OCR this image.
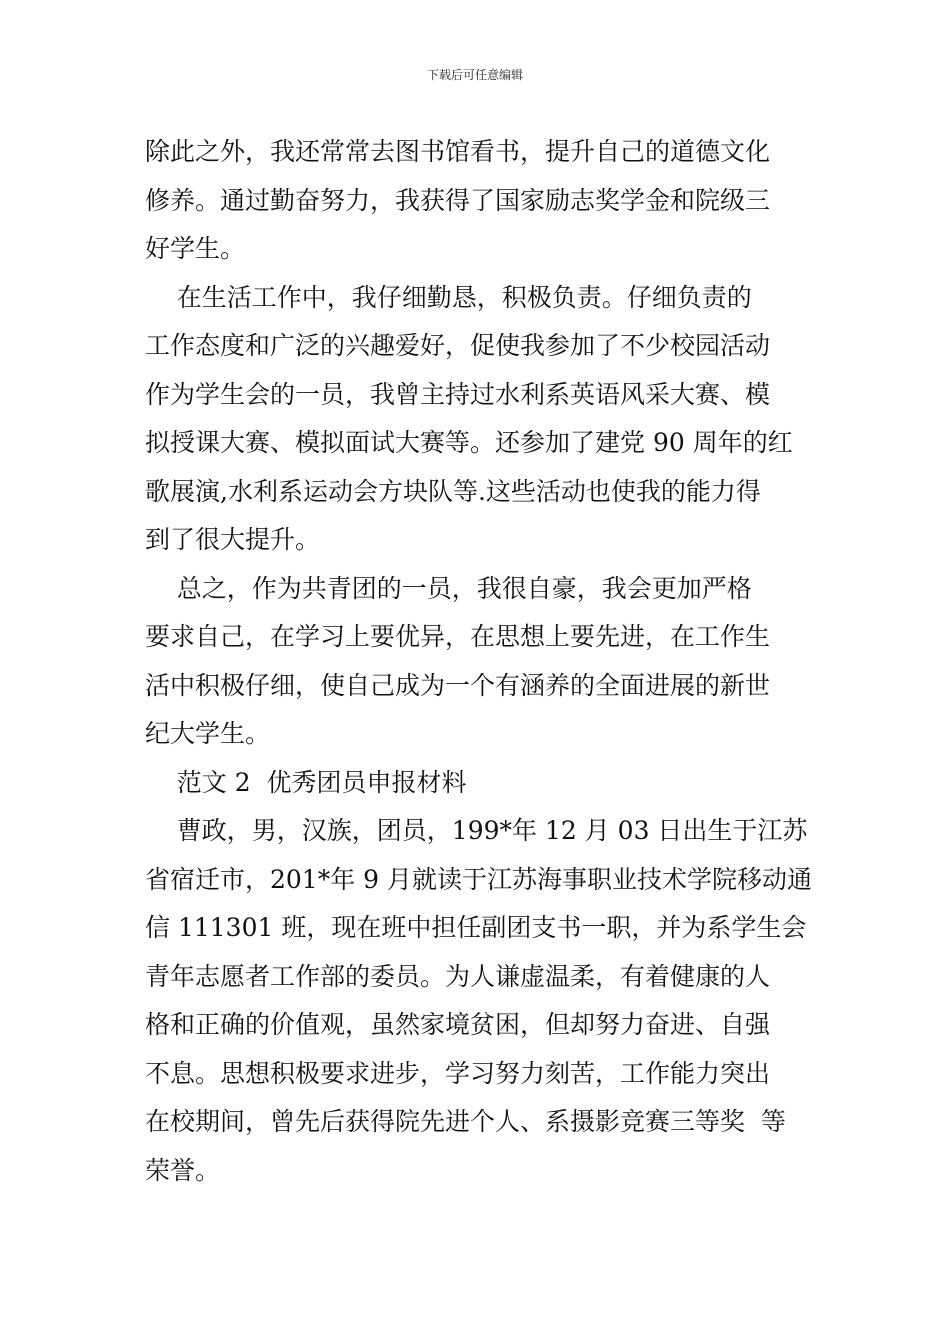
下载后可任意编辑
除此之外，我还常常去图书馆看书，提升自己的道德文化
修养。通过勤奋努力，我获得了国家励志奖学金和院级三
好学生。
在生活工作中，我仔细勤恳，积极负责。仔细负责的
工作态度和广泛的兴趣爱好，促使我参加了不少校园活动
作为学生会的一员，我曾主持过水利系英语风采大赛、模
拟授课大赛、模拟面试大赛等。还参加了建党 90 周年的红
歌展演,水利系运动会方块队等.这些活动也使我的能力得
到了很大提升。
总之，作为共青团的一员，我很自豪，我会更加严格
要求自己，在学习上要优异，在思想上要先进，在工作生
活中积极仔细，使自己成为一个有涵养的全面进展的新世
纪大学生。
范文 2  优秀团员申报材料
曹政，男，汉族，团员，199*年 12 月 03 日出生于江苏
省宿迁市，201*年 9 月就读于江苏海事职业技术学院移动通
信 111301 班，现在班中担任副团支书一职，并为系学生会
青年志愿者工作部的委员。为人谦虚温柔，有着健康的人
格和正确的价值观，虽然家境贫困，但却努力奋进、自强
不息。思想积极要求进步，学习努力刻苦，工作能力突出
在校期间，曾先后获得院先进个人、系摄影竞赛三等奖  等
荣誉。
